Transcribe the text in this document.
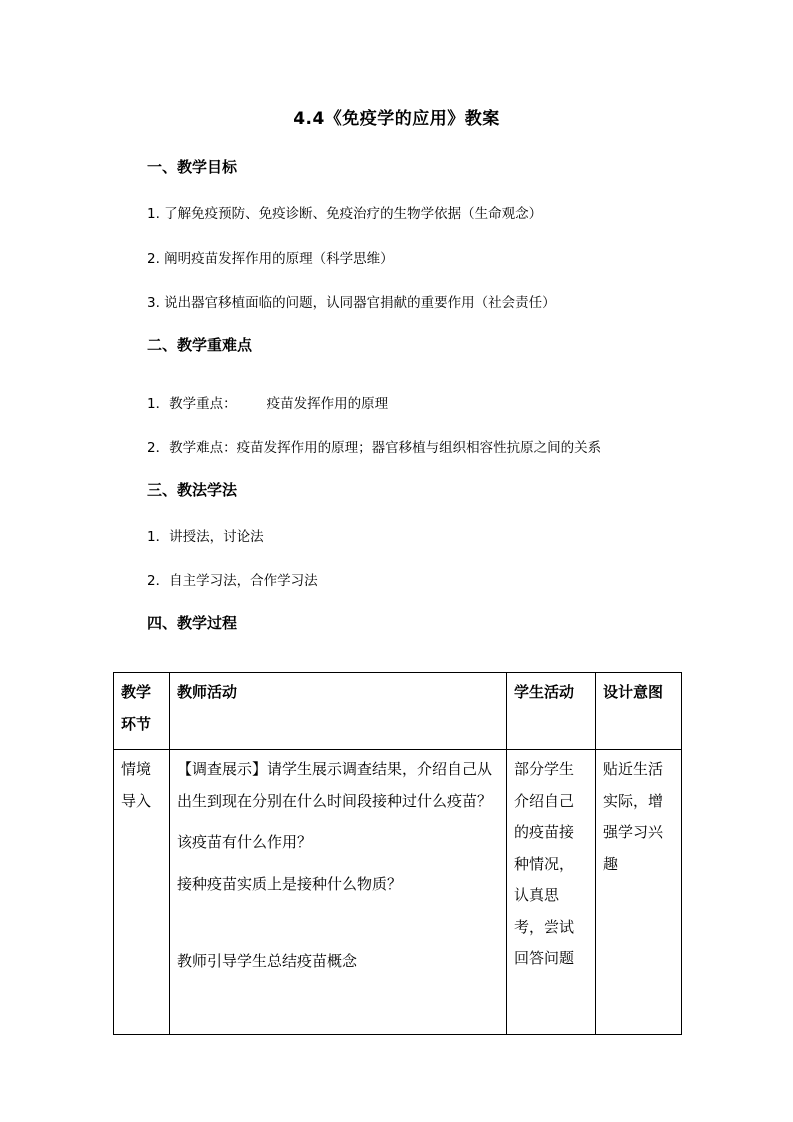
4.4《免疫学的应用》教案
一、教学目标
1. 了解免疫预防、免疫诊断、免疫治疗的生物学依据（生命观念）
2. 阐明疫苗发挥作用的原理（科学思维）
3. 说出器官移植面临的问题，认同器官捐献的重要作用（社会责任）
二、教学重难点
1．教学重点： 疫苗发挥作用的原理
2．教学难点：疫苗发挥作用的原理；器官移植与组织相容性抗原之间的关系
三、教法学法
1．讲授法，讨论法
2．自主学习法，合作学习法
四、教学过程
教学环节	教师活动	学生活动	设计意图
情境导入	【调查展示】请学生展示调查结果，介绍自己从出生到现在分别在什么时间段接种过什么疫苗？

该疫苗有什么作用？

接种疫苗实质上是接种什么物质？

教师引导学生总结疫苗概念	部分学生介绍自己的疫苗接种情况，认真思考，尝试回答问题	贴近生活实际，增强学习兴趣
